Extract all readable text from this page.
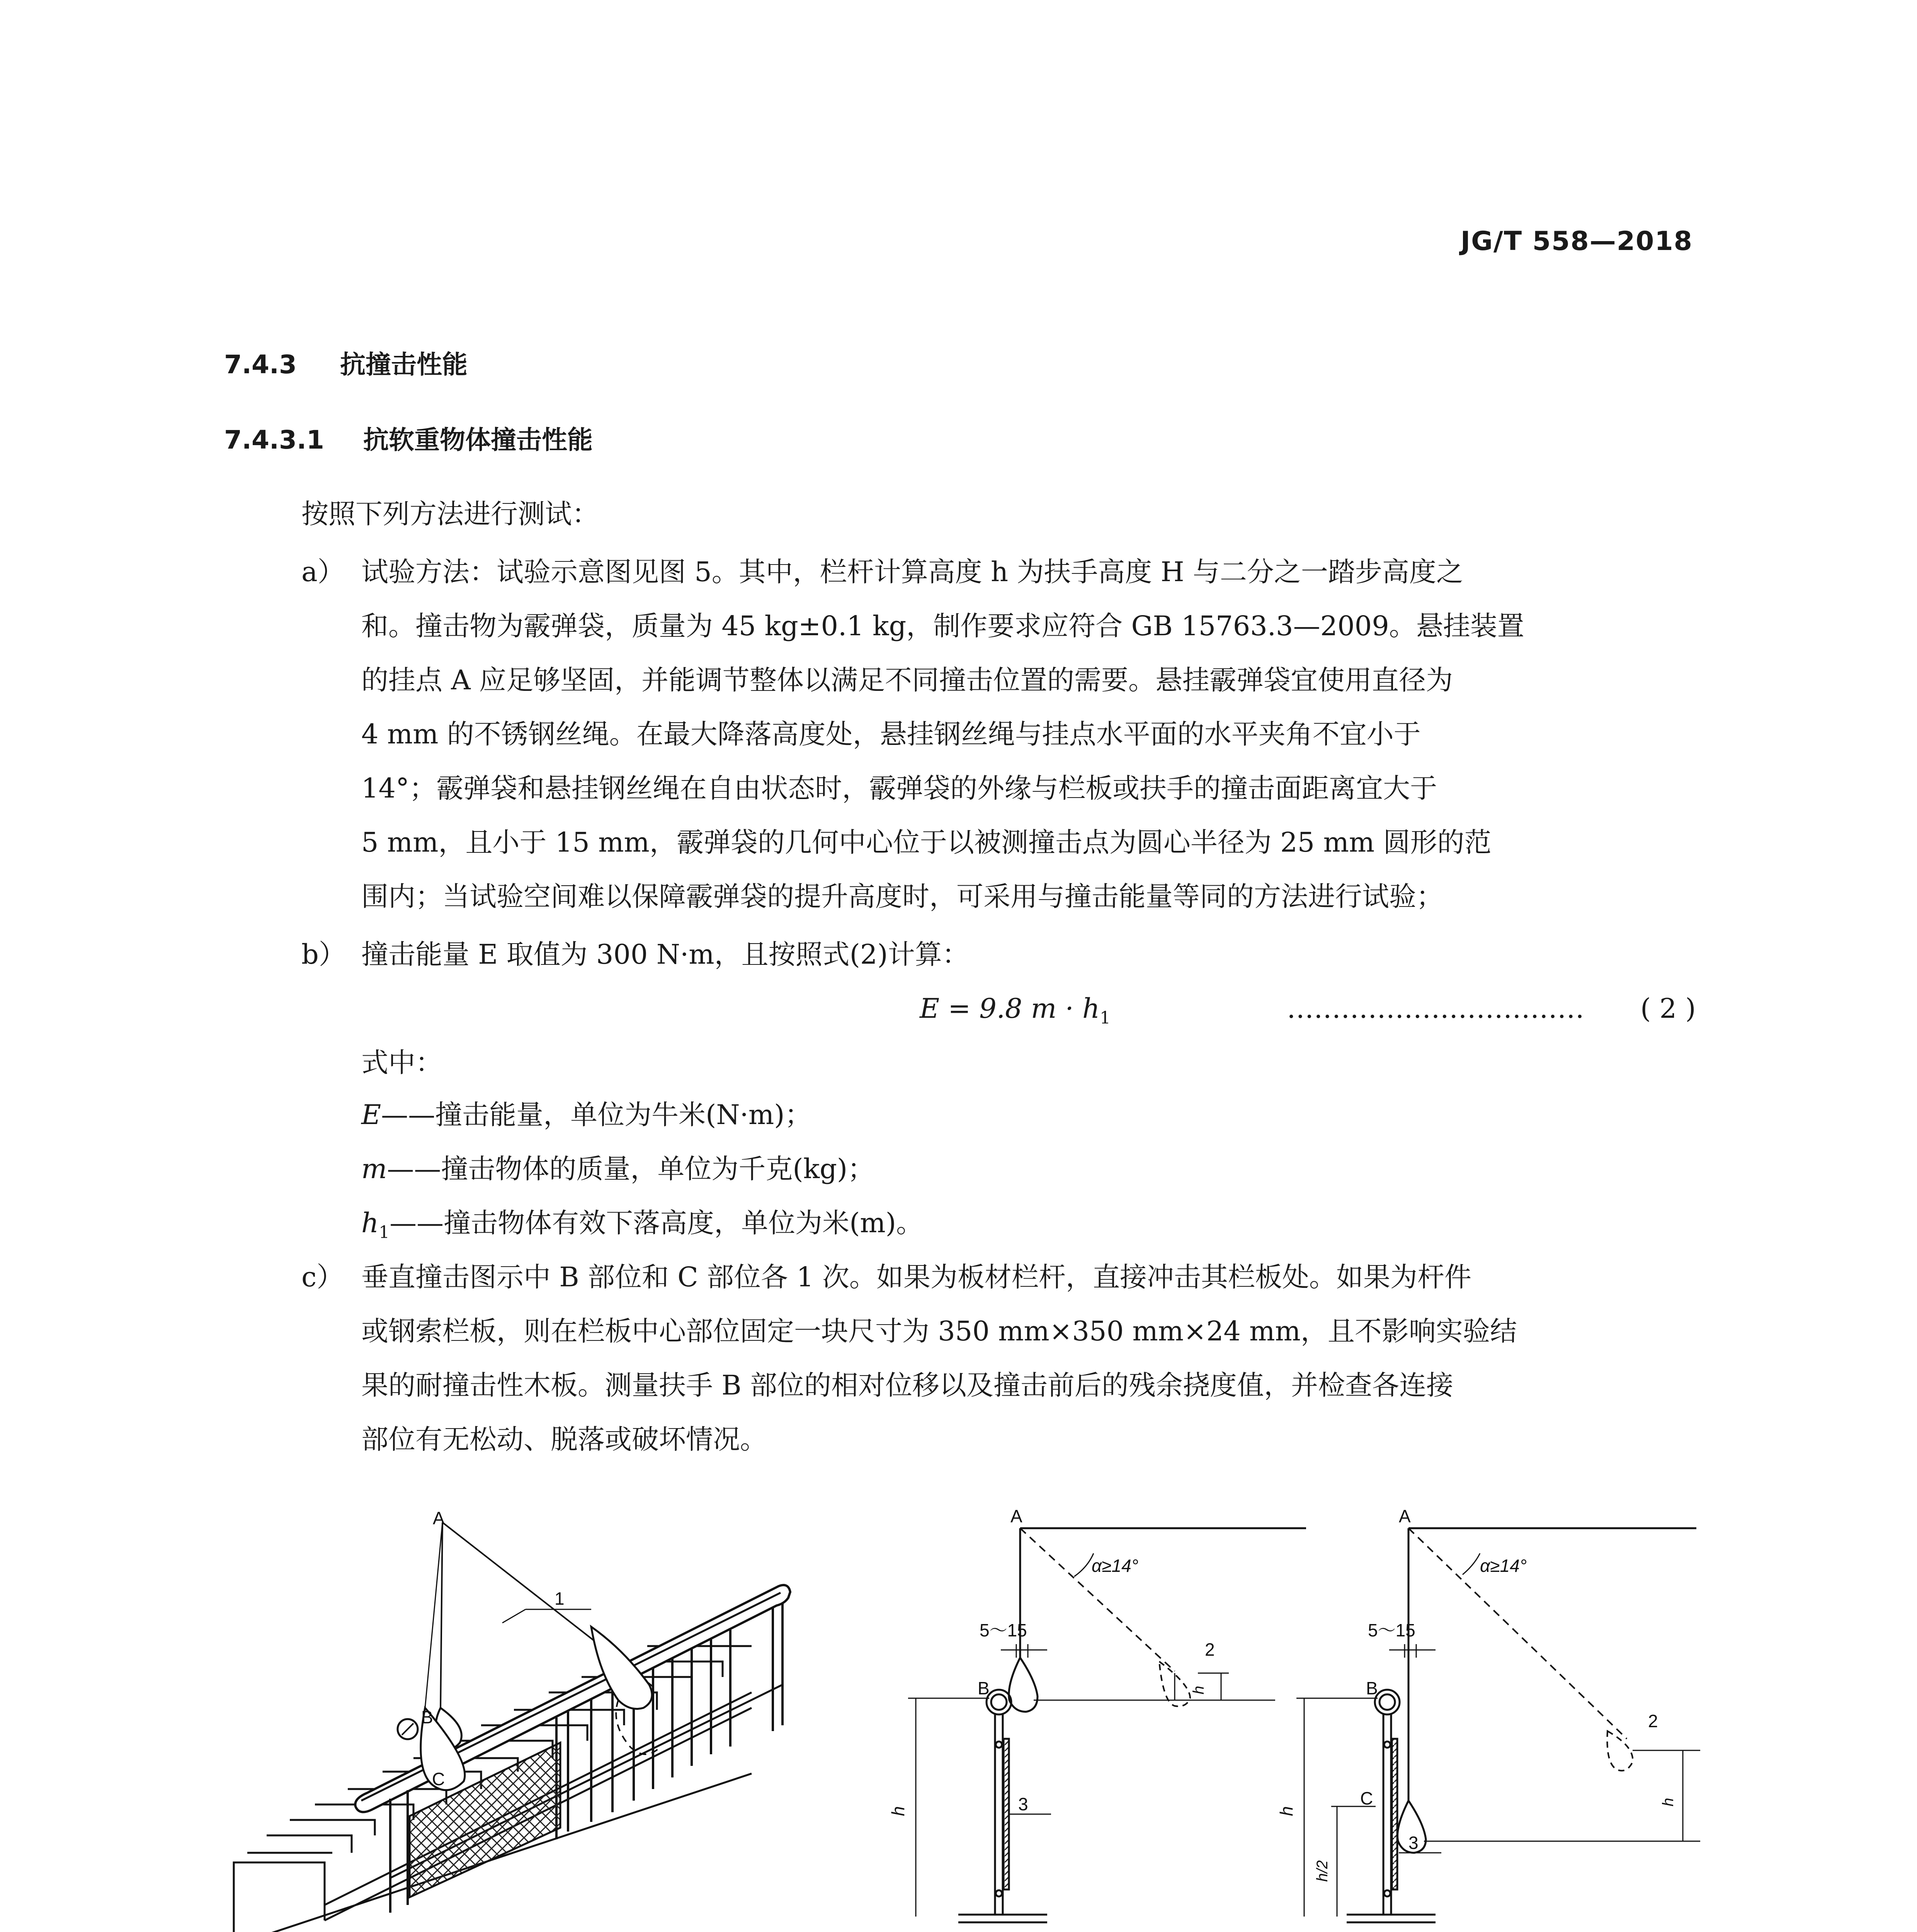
JG/T 558—2018
7.4.3 抗撞击性能
7.4.3.1 抗软重物体撞击性能
按照下列方法进行测试：
a） 试验方法：试验示意图见图 5。其中，栏杆计算高度 h 为扶手高度 H 与二分之一踏步高度之
和。撞击物为霰弹袋，质量为 45 kg±0.1 kg，制作要求应符合 GB 15763.3—2009。悬挂装置
的挂点 A 应足够坚固，并能调节整体以满足不同撞击位置的需要。悬挂霰弹袋宜使用直径为
4 mm 的不锈钢丝绳。在最大降落高度处，悬挂钢丝绳与挂点水平面的水平夹角不宜小于
14°；霰弹袋和悬挂钢丝绳在自由状态时，霰弹袋的外缘与栏板或扶手的撞击面距离宜大于
5 mm，且小于 15 mm，霰弹袋的几何中心位于以被测撞击点为圆心半径为 25 mm 圆形的范
围内；当试验空间难以保障霰弹袋的提升高度时，可采用与撞击能量等同的方法进行试验；
b） 撞击能量 E 取值为 300 N·m，且按照式(2)计算：
E = 9.8 $m \cdot h_1$	…………………………… ( 2 )
式中：
E——撞击能量，单位为牛米(N·m)；
m——撞击物体的质量，单位为千克(kg)；
$h_1——$撞击物体有效下落高度，单位为米(m)。
c） 垂直撞击图示中 B 部位和 C 部位各 1 次。如果为板材栏杆，直接冲击其栏板处。如果为杆件
或钢索栏板，则在栏板中心部位固定一块尺寸为 350 mm×350 mm×24 mm，且不影响实验结
果的耐撞击性木板。测量扶手 B 部位的相对位移以及撞击前后的残余挠度值，并检查各连接
部位有无松动、脱落或破坏情况。
A
1
B
C
A
α≥14°
2
5～15
B
3
h
h
A
α≥14°
2
5～15
B
C
3
h
h/2
h
